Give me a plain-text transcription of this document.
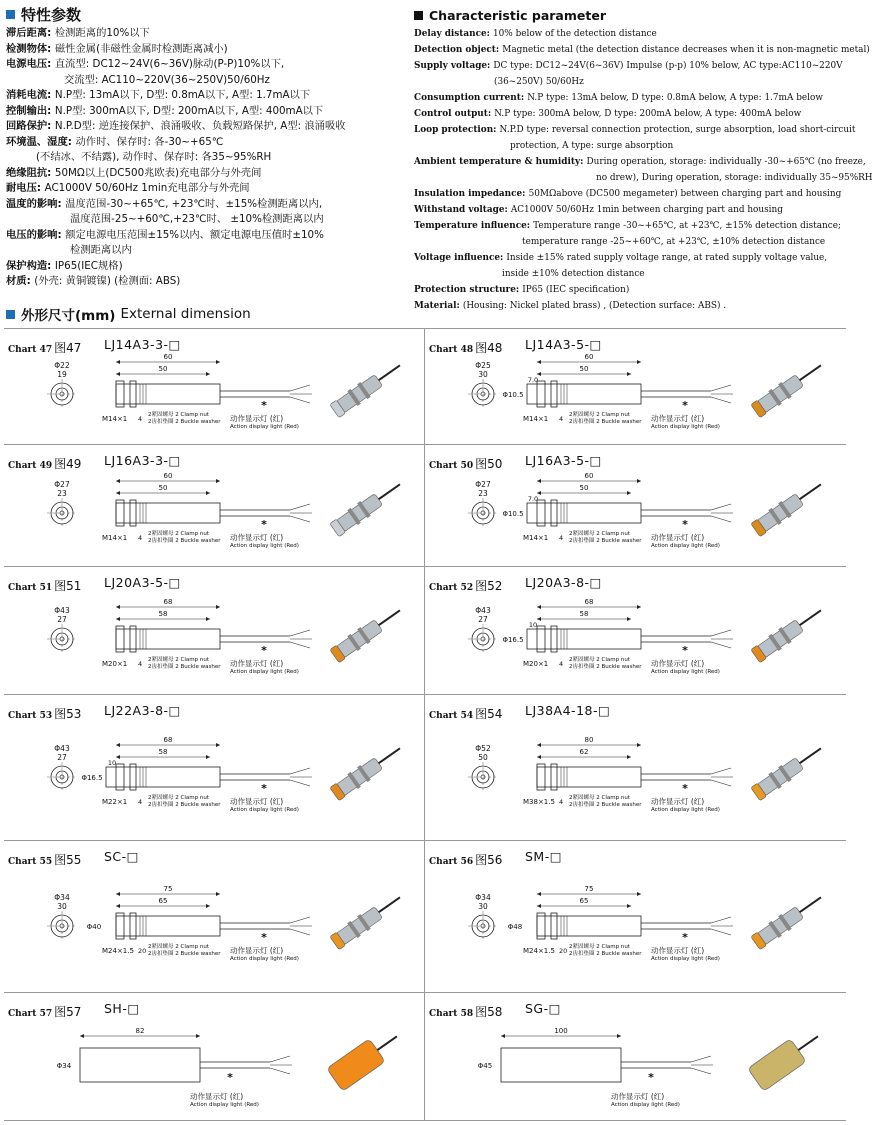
特性参数
滞后距离: 检测距离的10%以下
检测物体: 磁性金属(非磁性金属时检测距离减小)
电源电压: 直流型: DC12~24V(6~36V)脉动(P-P)10%以下,
交流型: AC110~220V(36~250V)50/60Hz
消耗电流: N.P型: 13mA以下, D型: 0.8mA以下, A型: 1.7mA以下
控制输出: N.P型: 300mA以下, D型: 200mA以下, A型: 400mA以下
回路保护: N.P.D型: 逆连接保护、浪涌吸收、负载短路保护, A型: 浪涌吸收
环境温、湿度: 动作时、保存时: 各-30~+65℃
(不结冰、不结露), 动作时、保存时: 各35~95%RH
绝缘阻抗: 50MΩ以上(DC500兆欧表)充电部分与外壳间
耐电压: AC1000V 50/60Hz 1min充电部分与外壳间
温度的影响: 温度范围-30~+65℃, +23℃时、±15%检测距离以内,
温度范围-25~+60℃,+23℃时、 ±10%检测距离以内
电压的影响: 额定电源电压范围±15%以内、额定电源电压值时±10%
检测距离以内
保护构造: IP65(IEC规格)
材质: (外壳: 黄铜镀镍) (检测面: ABS)
Characteristic parameter
Delay distance: 10% below of the detection distance
Detection object: Magnetic metal (the detection distance decreases when it is non-magnetic metal)
Supply voltage: DC type: DC12~24V(6~36V) Impulse (p-p) 10% below, AC type:AC110~220V
(36~250V) 50/60Hz
Consumption current: N.P type: 13mA below, D type: 0.8mA below, A type: 1.7mA below
Control output: N.P type: 300mA below, D type: 200mA below, A type: 400mA below
Loop protection: N.P.D type: reversal connection protection, surge absorption, load short-circuit
protection, A type: surge absorption
Ambient temperature & humidity: During operation, storage: individually -30~+65℃ (no freeze,
no drew), During operation, storage: individually 35~95%RH
Insulation impedance: 50MΩabove (DC500 megameter) between charging part and housing
Withstand voltage: AC1000V 50/60Hz 1min between charging part and housing
Temperature influence: Temperature range -30~+65℃, at +23℃, ±15% detection distance;
temperature range -25~+60℃, at +23℃, ±10% detection distance
Voltage influence: Inside ±15% rated supply voltage range, at rated supply voltage value,
inside ±10% detection distance
Protection structure: IP65 (IEC specification)
Material: (Housing: Nickel plated brass) , (Detection surface: ABS) .
外形尺寸(mm) External dimension
Chart 47 图47 LJ14A3-3-□
Φ22
19
*
60
50
M14×1 4 2紧固螺母 2 Clamp nut
2齿扣垫圈 2 Buckle washer 动作显示灯 (红)
Action display light (Red)
Chart 48 图48 LJ14A3-5-□
Φ25
30
*
60
50
7.0
Φ10.5
M14×1 4 2紧固螺母 2 Clamp nut
2齿扣垫圈 2 Buckle washer 动作显示灯 (红)
Action display light (Red)
Chart 49 图49 LJ16A3-3-□
Φ27
23
*
60
50
M14×1 4 2紧固螺母 2 Clamp nut
2齿扣垫圈 2 Buckle washer 动作显示灯 (红)
Action display light (Red)
Chart 50 图50 LJ16A3-5-□
Φ27
23
*
60
50
7.0
Φ10.5
M14×1 4 2紧固螺母 2 Clamp nut
2齿扣垫圈 2 Buckle washer 动作显示灯 (红)
Action display light (Red)
Chart 51 图51 LJ20A3-5-□
Φ43
27
*
68
58
M20×1 4 2紧固螺母 2 Clamp nut
2齿扣垫圈 2 Buckle washer 动作显示灯 (红)
Action display light (Red)
Chart 52 图52 LJ20A3-8-□
Φ43
27
*
68
58
10
Φ16.5
M20×1 4 2紧固螺母 2 Clamp nut
2齿扣垫圈 2 Buckle washer 动作显示灯 (红)
Action display light (Red)
Chart 53 图53 LJ22A3-8-□
Φ43
27
*
68
58
10
Φ16.5
M22×1 4 2紧固螺母 2 Clamp nut
2齿扣垫圈 2 Buckle washer 动作显示灯 (红)
Action display light (Red)
Chart 54 图54 LJ38A4-18-□
Φ52
50
*
80
62
M38×1.5 4 2紧固螺母 2 Clamp nut
2齿扣垫圈 2 Buckle washer 动作显示灯 (红)
Action display light (Red)
Chart 55 图55 SC-□
Φ34
30
*
75
65
Φ40
M24×1.5 20 2紧固螺母 2 Clamp nut
2齿扣垫圈 2 Buckle washer 动作显示灯 (红)
Action display light (Red)
Chart 56 图56 SM-□
Φ34
30
*
75
65
Φ48
M24×1.5 20 2紧固螺母 2 Clamp nut
2齿扣垫圈 2 Buckle washer 动作显示灯 (红)
Action display light (Red)
Chart 57 图57 SH-□
82
Φ34
*
动作显示灯 (红)
Action display light (Red)
Chart 58 图58 SG-□
100
Φ45
*
动作显示灯 (红)
Action display light (Red)
